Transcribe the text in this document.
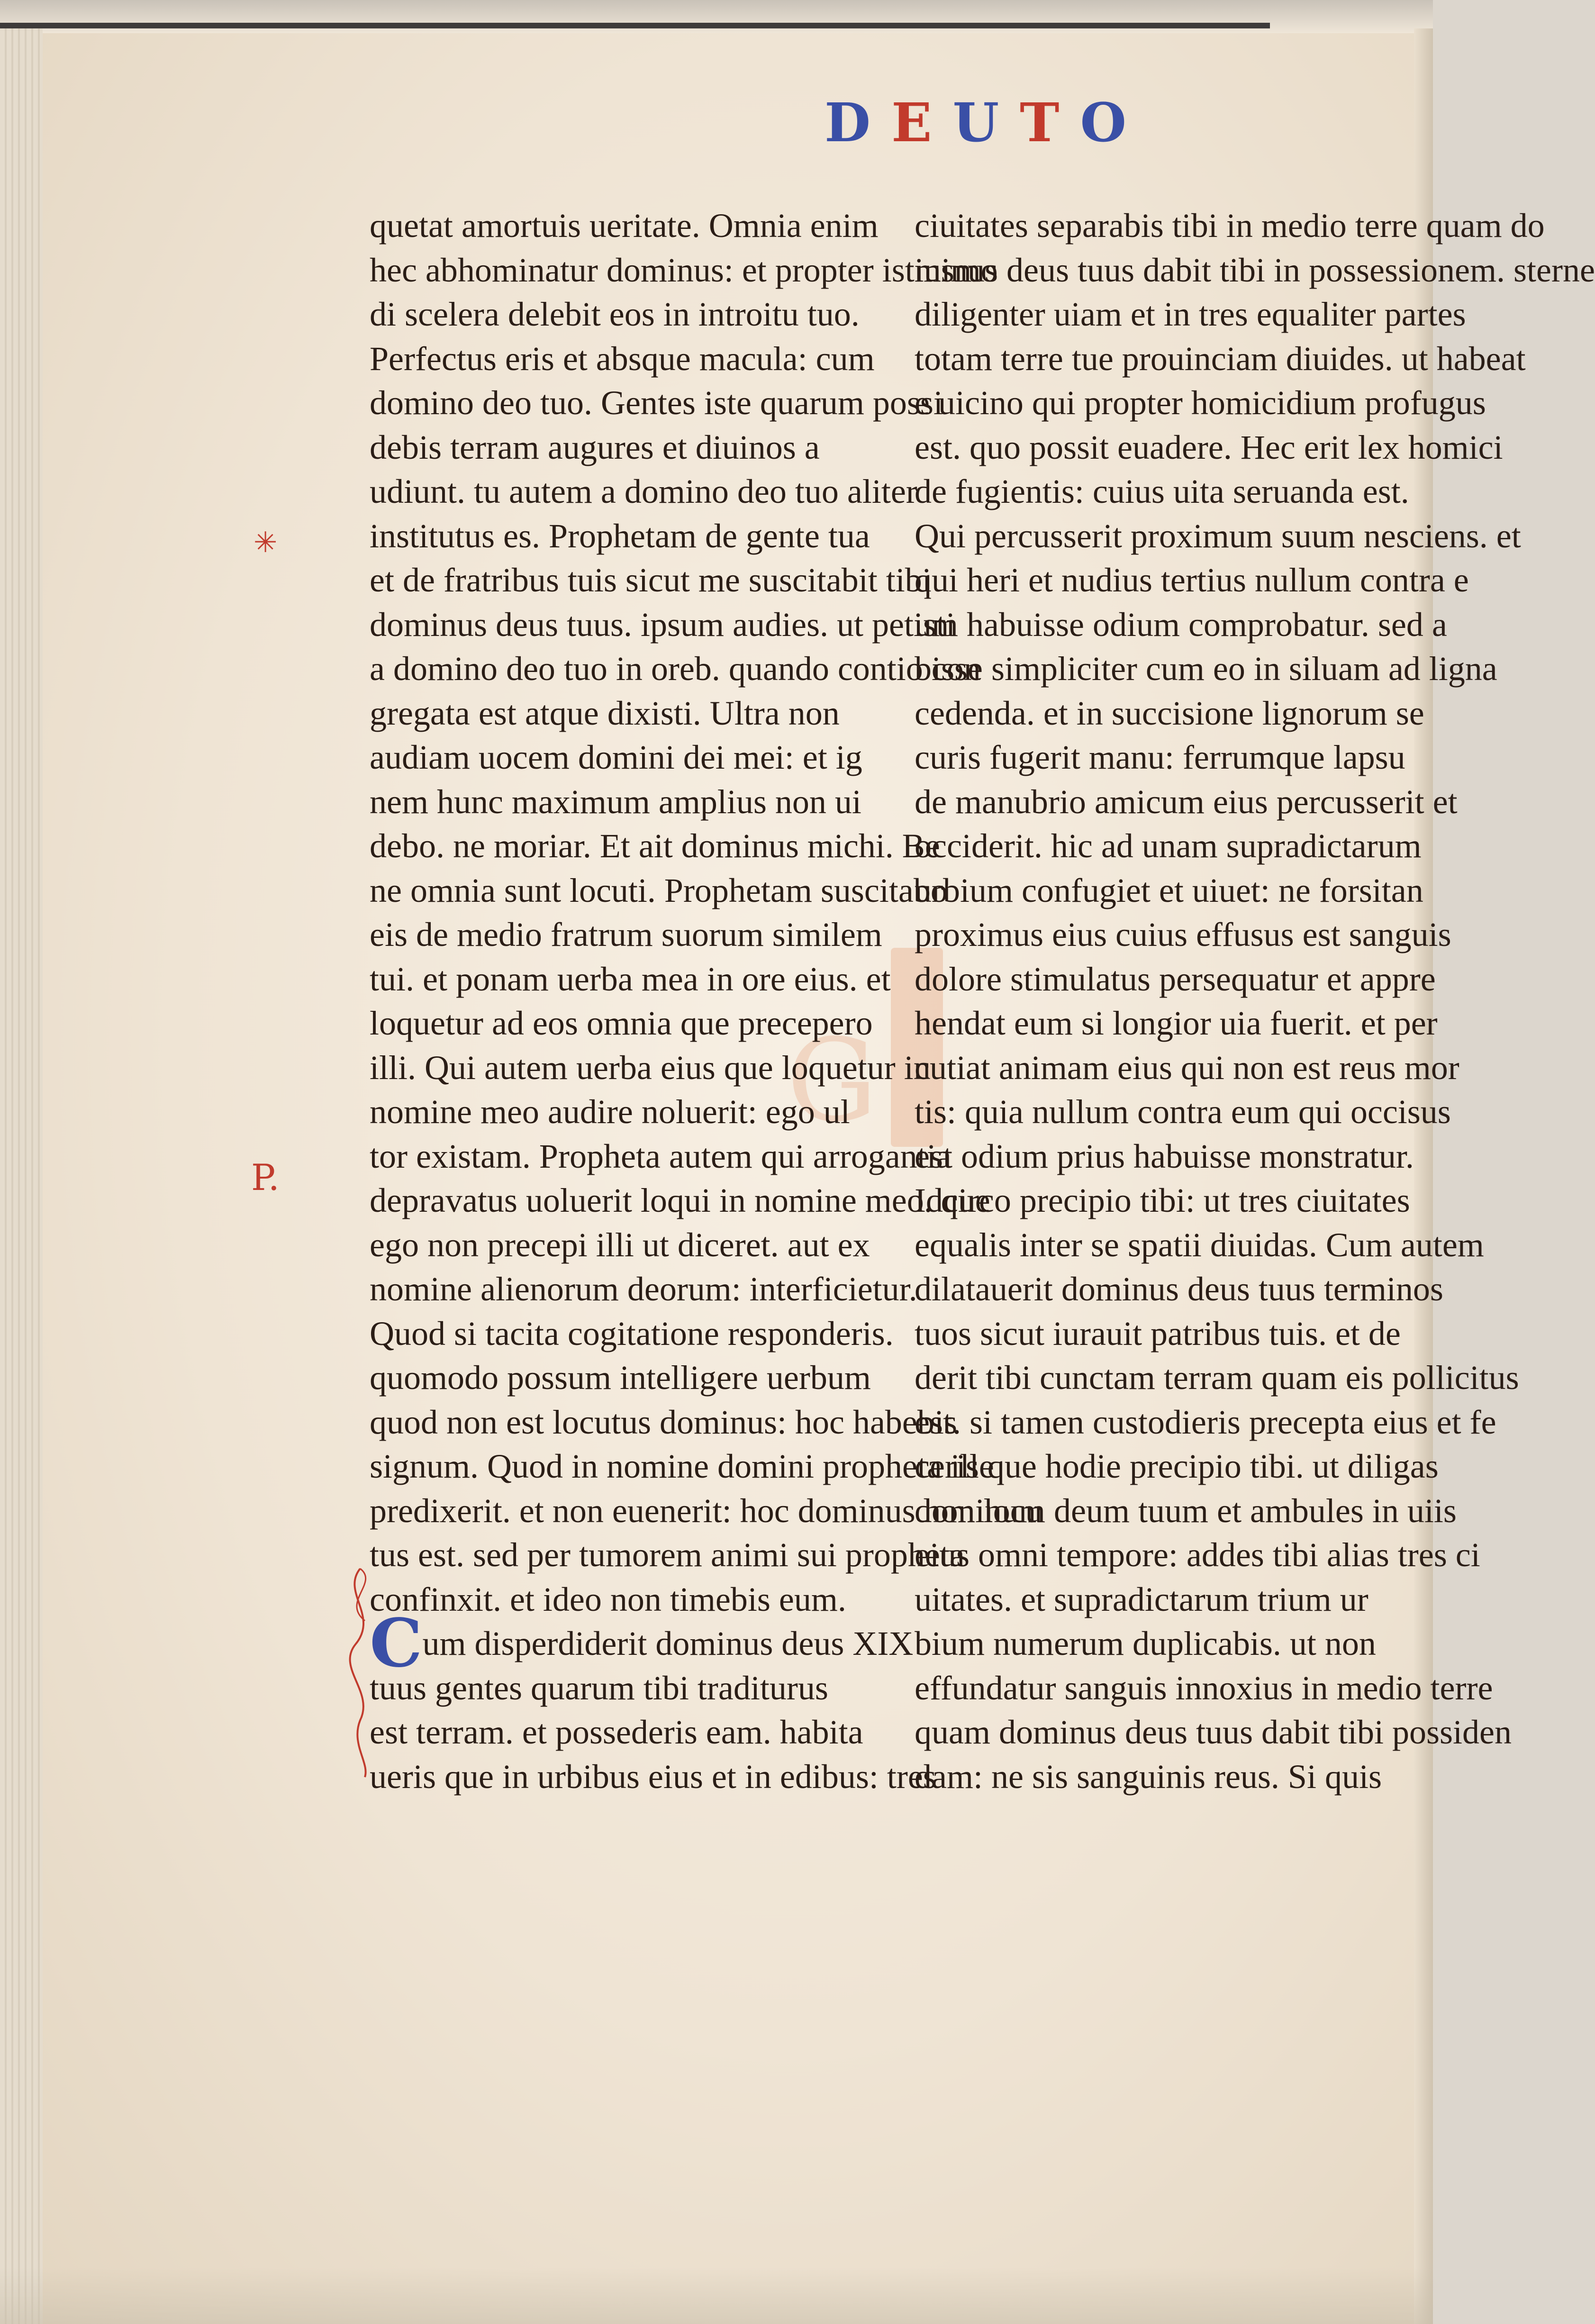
G
DEUTO
✳
P.
quetat amortuis ueritate. Omnia enim
hec abhominatur dominus: et propter istiusmo
di scelera delebit eos in introitu tuo.
Perfectus eris et absque macula: cum
domino deo tuo. Gentes iste quarum possi
debis terram augures et diuinos a
udiunt. tu autem a domino deo tuo aliter
institutus es. Prophetam de gente tua
et de fratribus tuis sicut me suscitabit tibi
dominus deus tuus. ipsum audies. ut petisti
a domino deo tuo in oreb. quando contio con
gregata est atque dixisti. Ultra non
audiam uocem domini dei mei: et ig
nem hunc maximum amplius non ui
debo. ne moriar. Et ait dominus michi. Be
ne omnia sunt locuti. Prophetam suscitabo
eis de medio fratrum suorum similem
tui. et ponam uerba mea in ore eius. et
loquetur ad eos omnia que precepero
illi. Qui autem uerba eius que loquetur in
nomine meo audire noluerit: ego ul
tor existam. Propheta autem qui arrogantia
depravatus uoluerit loqui in nomine meo. que
ego non precepi illi ut diceret. aut ex
nomine alienorum deorum: interficietur.
Quod si tacita cogitatione responderis.
quomodo possum intelligere uerbum
quod non est locutus dominus: hoc habebis
signum. Quod in nomine domini propheta ille
predixerit. et non euenerit: hoc dominus non locu
tus est. sed per tumorem animi sui propheta
confinxit. et ideo non timebis eum.
Cum disperdiderit dominus deus XIX
tuus gentes quarum tibi traditurus
est terram. et possederis eam. habita
ueris que in urbibus eius et in edibus: tres
ciuitates separabis tibi in medio terre quam do
minus deus tuus dabit tibi in possessionem. sterne
diligenter uiam et in tres equaliter partes
totam terre tue prouinciam diuides. ut habeat
e uicino qui propter homicidium profugus
est. quo possit euadere. Hec erit lex homici
de fugientis: cuius uita seruanda est.
Qui percusserit proximum suum nesciens. et
qui heri et nudius tertius nullum contra e
um habuisse odium comprobatur. sed a
bisse simpliciter cum eo in siluam ad ligna
cedenda. et in succisione lignorum se
curis fugerit manu: ferrumque lapsu
de manubrio amicum eius percusserit et
occiderit. hic ad unam supradictarum
urbium confugiet et uiuet: ne forsitan
proximus eius cuius effusus est sanguis
dolore stimulatus persequatur et appre
hendat eum si longior uia fuerit. et per
cutiat animam eius qui non est reus mor
tis: quia nullum contra eum qui occisus
est odium prius habuisse monstratur.
Idcirco precipio tibi: ut tres ciuitates
equalis inter se spatii diuidas. Cum autem
dilatauerit dominus deus tuus terminos
tuos sicut iurauit patribus tuis. et de
derit tibi cunctam terram quam eis pollicitus
est. si tamen custodieris precepta eius et fe
ceris que hodie precipio tibi. ut diligas
dominum deum tuum et ambules in uiis
eius omni tempore: addes tibi alias tres ci
uitates. et supradictarum trium ur
bium numerum duplicabis. ut non
effundatur sanguis innoxius in medio terre
quam dominus deus tuus dabit tibi possiden
dam: ne sis sanguinis reus. Si quis
